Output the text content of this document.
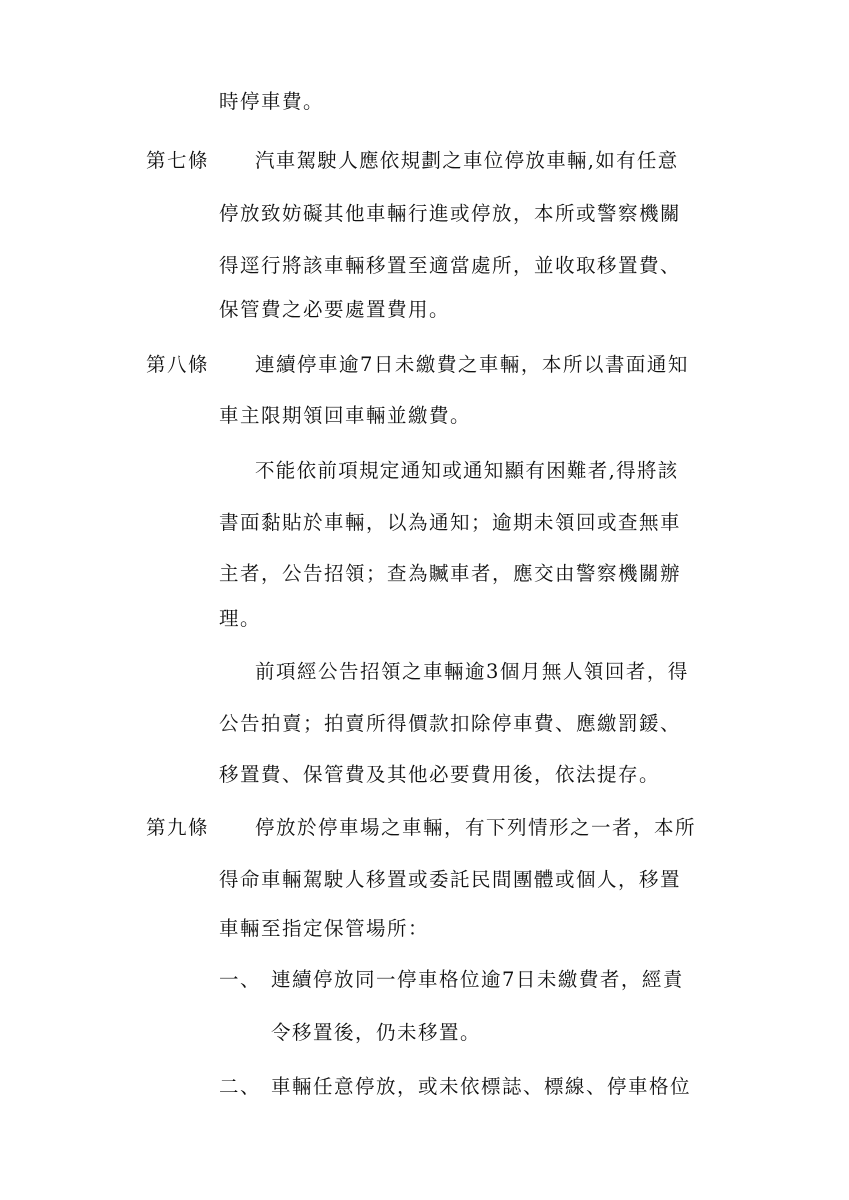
時停車費。
第七條 汽車駕駛人應依規劃之車位停放車輛,如有任意
停放致妨礙其他車輛行進或停放，本所或警察機關
得逕行將該車輛移置至適當處所，並收取移置費、
保管費之必要處置費用。
第八條 連續停車逾7日未繳費之車輛，本所以書面通知
車主限期領回車輛並繳費。
不能依前項規定通知或通知顯有困難者,得將該
書面黏貼於車輛，以為通知；逾期未領回或查無車
主者，公告招領；查為贓車者，應交由警察機關辦
理。
前項經公告招領之車輛逾3個月無人領回者，得
公告拍賣；拍賣所得價款扣除停車費、應繳罰鍰、
移置費、保管費及其他必要費用後，依法提存。
第九條 停放於停車場之車輛，有下列情形之一者，本所
得命車輛駕駛人移置或委託民間團體或個人，移置
車輛至指定保管場所：
一、 連續停放同一停車格位逾7日未繳費者，經責
令移置後，仍未移置。
二、 車輛任意停放，或未依標誌、標線、停車格位
